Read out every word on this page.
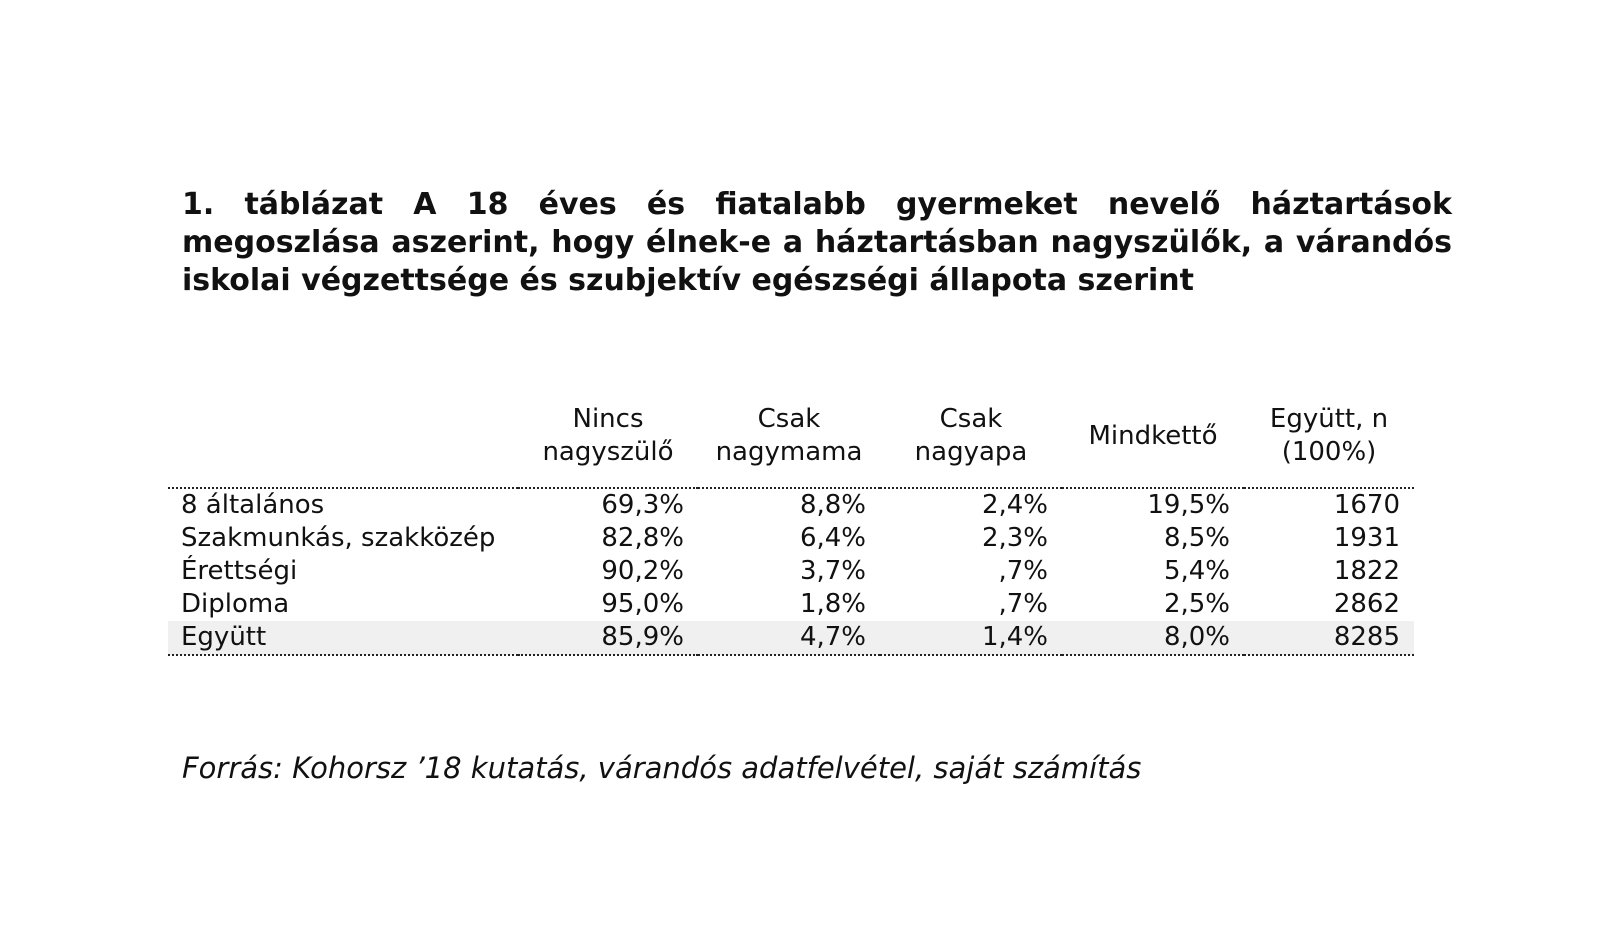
1. táblázat A 18 éves és fiatalabb gyermeket nevelő háztartások megoszlása aszerint, hogy élnek-e a háztartásban nagyszülők, a várandós iskolai végzettsége és szubjektív egészségi állapota szerint

	Nincs nagyszülő	Csak nagymama	Csak nagyapa	Mindkettő	Együtt, n (100%)
8 általános	69,3%	8,8%	2,4%	19,5%	1670
Szakmunkás, szakközép	82,8%	6,4%	2,3%	8,5%	1931
Érettségi	90,2%	3,7%	,7%	5,4%	1822
Diploma	95,0%	1,8%	,7%	2,5%	2862
Együtt	85,9%	4,7%	1,4%	8,0%	8285

Forrás: Kohorsz ’18 kutatás, várandós adatfelvétel, saját számítás
